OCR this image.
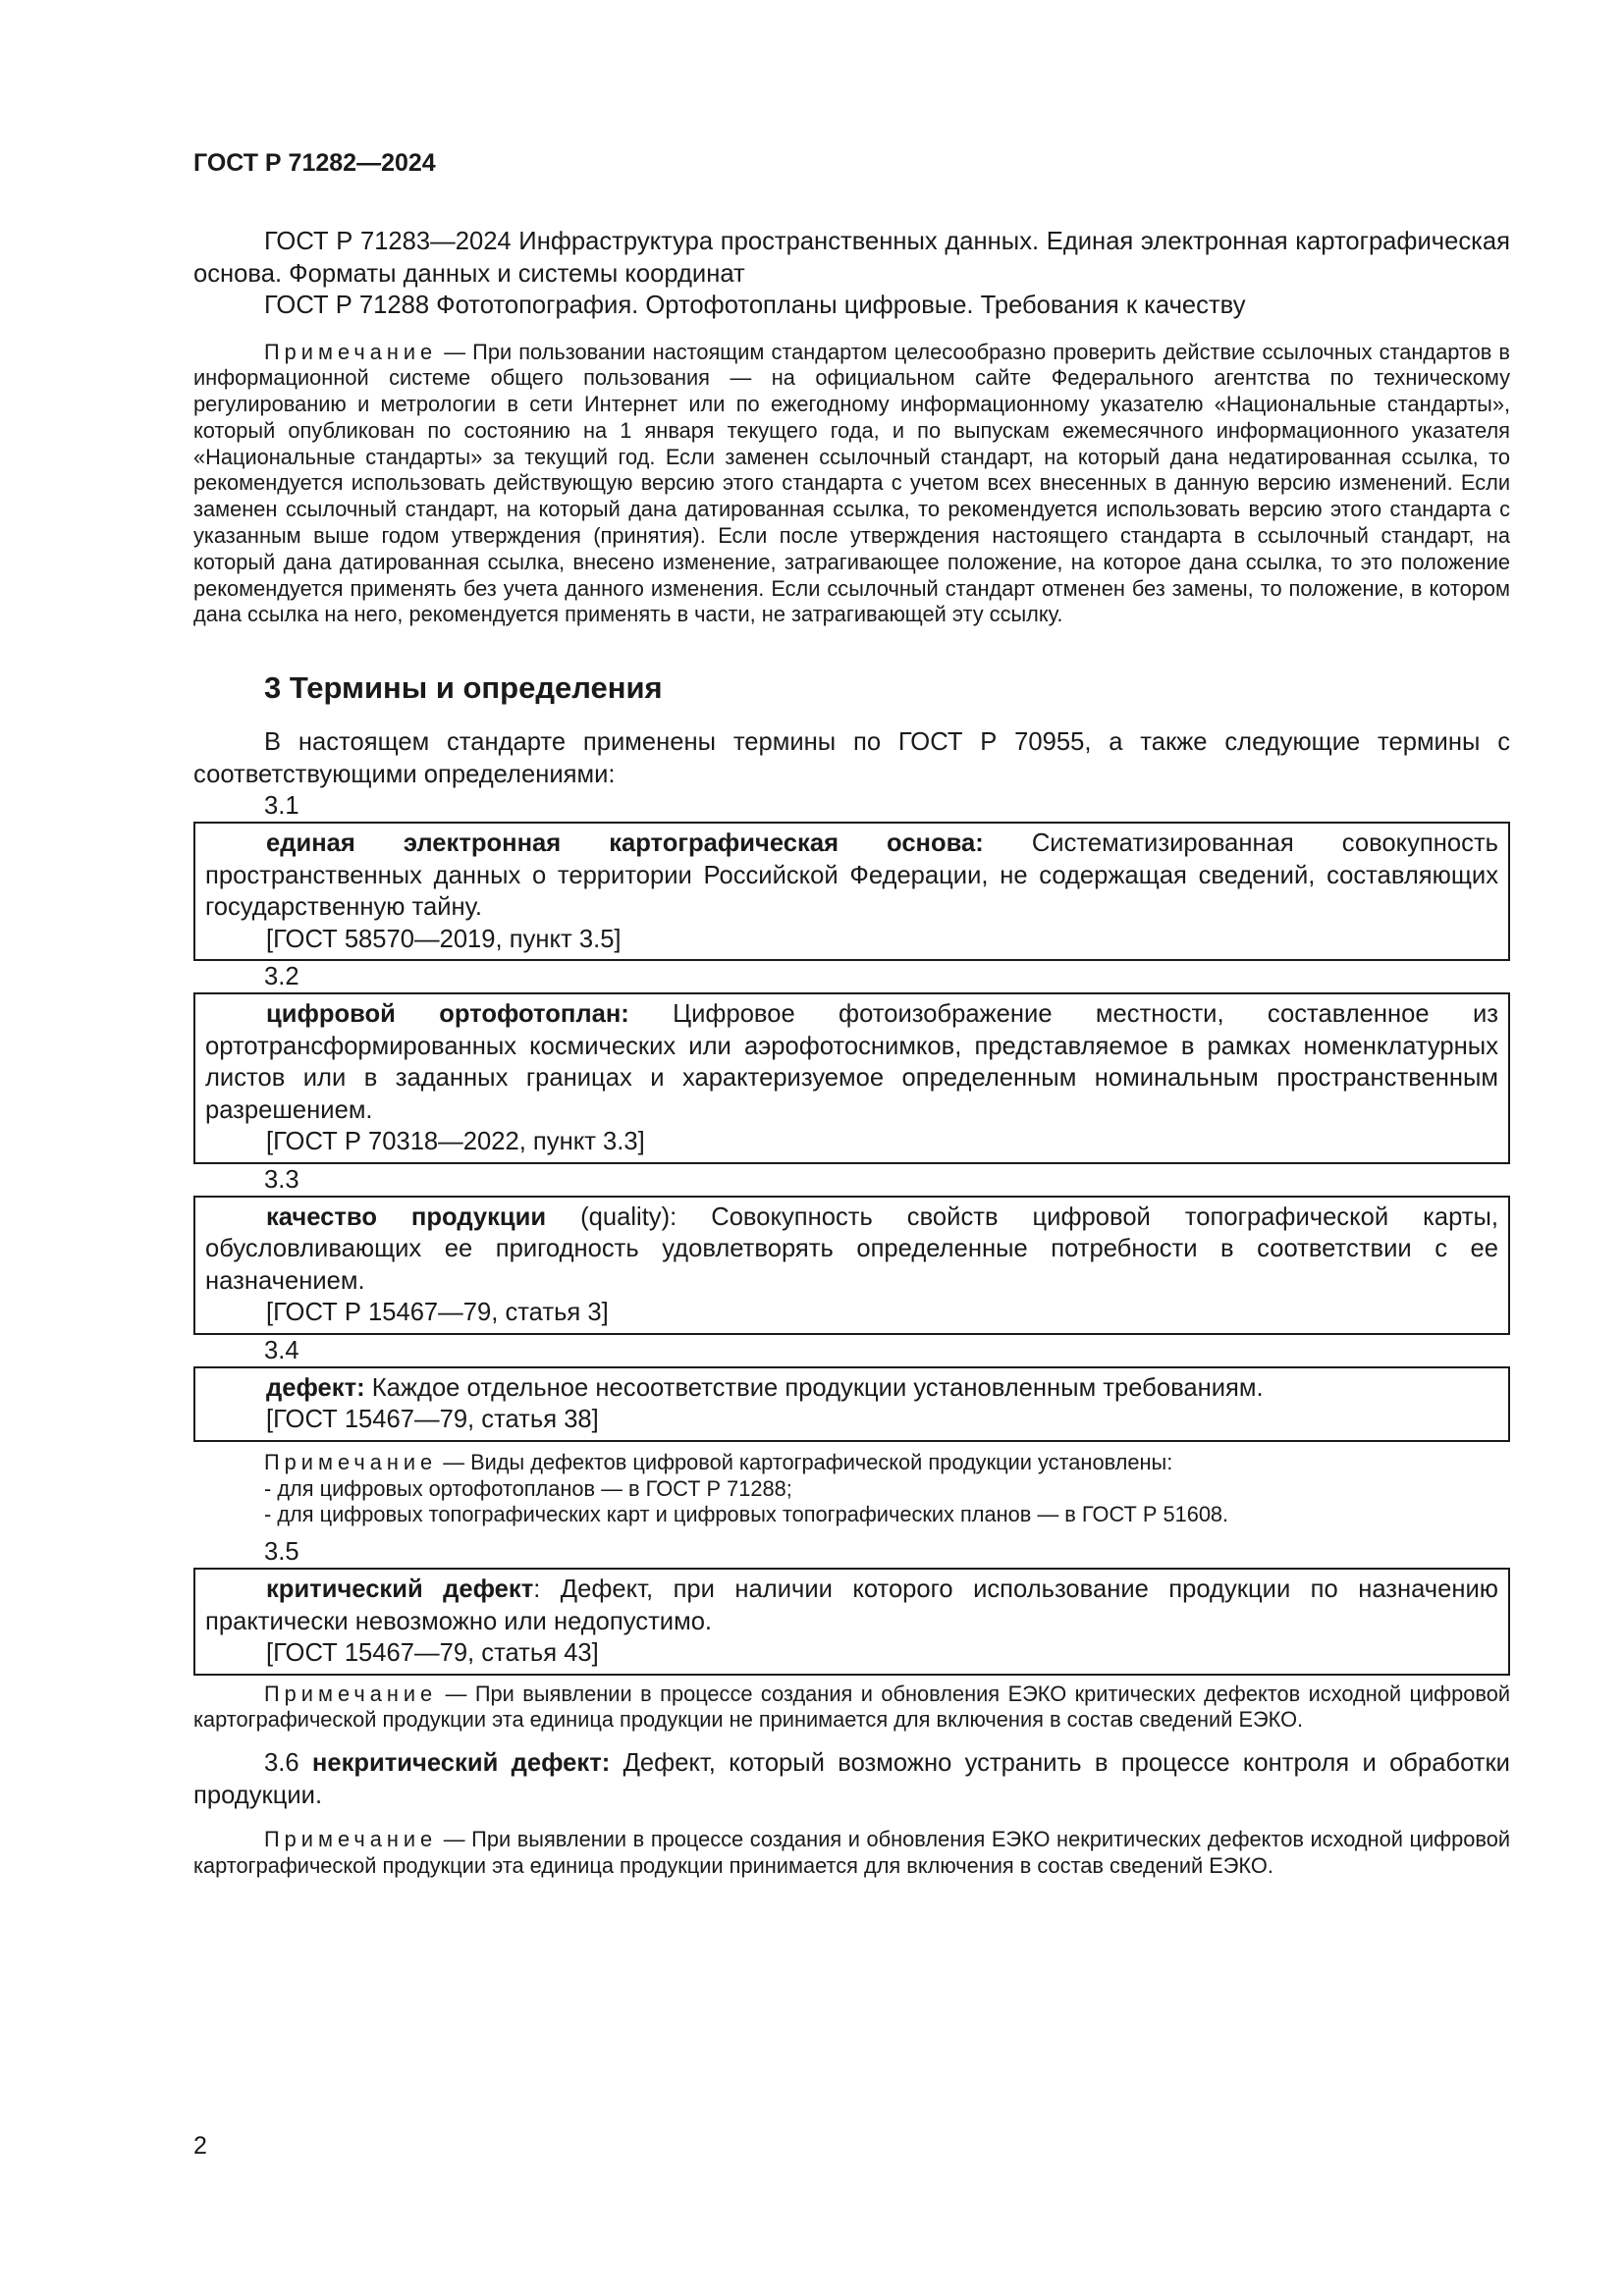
ГОСТ Р 71282—2024

ГОСТ Р 71283—2024 Инфраструктура пространственных данных. Единая электронная картографическая основа. Форматы данных и системы координат

ГОСТ Р 71288 Фототопография. Ортофотопланы цифровые. Требования к качеству

Примечание — При пользовании настоящим стандартом целесообразно проверить действие ссылочных стандартов в информационной системе общего пользования — на официальном сайте Федерального агентства по техническому регулированию и метрологии в сети Интернет или по ежегодному информационному указателю «Национальные стандарты», который опубликован по состоянию на 1 января текущего года, и по выпускам ежемесячного информационного указателя «Национальные стандарты» за текущий год. Если заменен ссылочный стандарт, на который дана недатированная ссылка, то рекомендуется использовать действующую версию этого стандарта с учетом всех внесенных в данную версию изменений. Если заменен ссылочный стандарт, на который дана датированная ссылка, то рекомендуется использовать версию этого стандарта с указанным выше годом утверждения (принятия). Если после утверждения настоящего стандарта в ссылочный стандарт, на который дана датированная ссылка, внесено изменение, затрагивающее положение, на которое дана ссылка, то это положение рекомендуется применять без учета данного изменения. Если ссылочный стандарт отменен без замены, то положение, в котором дана ссылка на него, рекомендуется применять в части, не затрагивающей эту ссылку.

3 Термины и определения

В настоящем стандарте применены термины по ГОСТ Р 70955, а также следующие термины с соответствующими определениями:

3.1

единая электронная картографическая основа: Систематизированная совокупность пространственных данных о территории Российской Федерации, не содержащая сведений, составляющих государственную тайну.

[ГОСТ 58570—2019, пункт 3.5]
3.2

цифровой ортофотоплан: Цифровое фотоизображение местности, составленное из ортотрансформированных космических или аэрофотоснимков, представляемое в рамках номенклатурных листов или в заданных границах и характеризуемое определенным номинальным пространственным разрешением.

[ГОСТ Р 70318—2022, пункт 3.3]
3.3

качество продукции (quality): Совокупность свойств цифровой топографической карты, обусловливающих ее пригодность удовлетворять определенные потребности в соответствии с ее назначением.

[ГОСТ Р 15467—79, статья 3]
3.4

дефект: Каждое отдельное несоответствие продукции установленным требованиям.

[ГОСТ 15467—79, статья 38]

Примечание — Виды дефектов цифровой картографической продукции установлены:

- для цифровых ортофотопланов — в ГОСТ Р 71288;
- для цифровых топографических карт и цифровых топографических планов — в ГОСТ Р 51608.
3.5

критический дефект: Дефект, при наличии которого использование продукции по назначению практически невозможно или недопустимо.

[ГОСТ 15467—79, статья 43]

Примечание — При выявлении в процессе создания и обновления ЕЭКО критических дефектов исходной цифровой картографической продукции эта единица продукции не принимается для включения в состав сведений ЕЭКО.

3.6 некритический дефект: Дефект, который возможно устранить в процессе контроля и обработки продукции.

Примечание — При выявлении в процессе создания и обновления ЕЭКО некритических дефектов исходной цифровой картографической продукции эта единица продукции принимается для включения в состав сведений ЕЭКО.

2
